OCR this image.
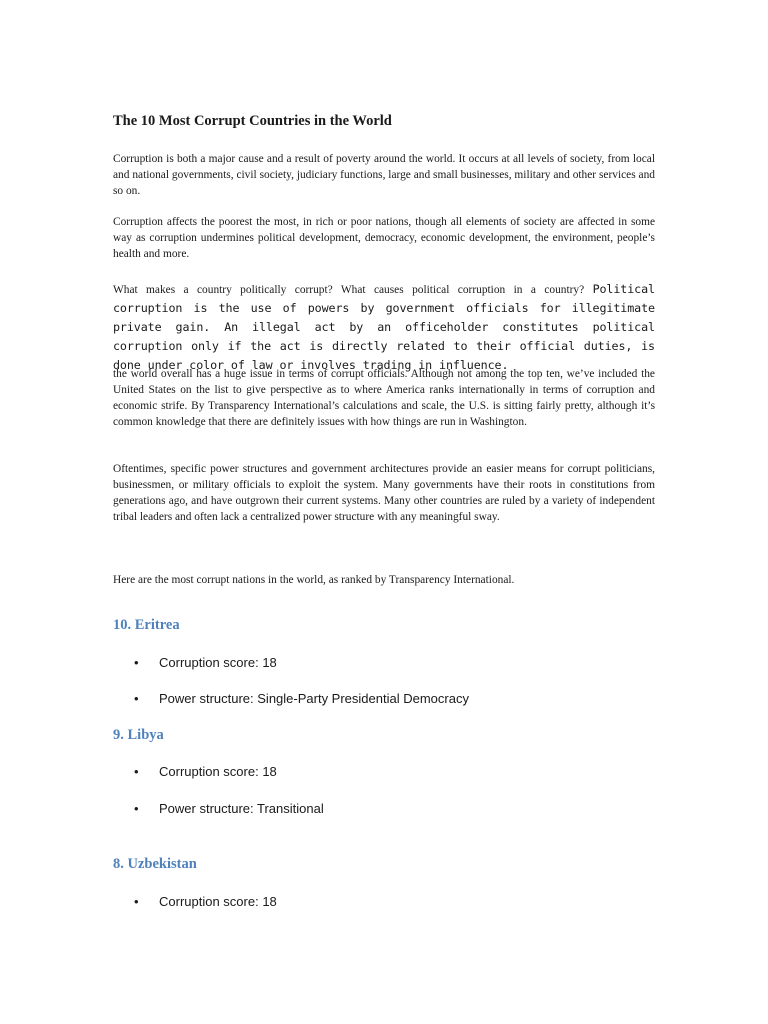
The 10 Most Corrupt Countries in the World

Corruption is both a major cause and a result of poverty around the world. It occurs at all levels of society, from local and national governments, civil society, judiciary functions, large and small businesses, military and other services and so on.

Corruption affects the poorest the most, in rich or poor nations, though all elements of society are affected in some way as corruption undermines political development, democracy, economic development, the environment, people’s health and more.

What makes a country politically corrupt? What causes political corruption in a country? Political corruption is the use of powers by government officials for illegitimate private gain. An illegal act by an officeholder constitutes political corruption only if the act is directly related to their official duties, is done under color of law or involves trading in influence.

the world overall has a huge issue in terms of corrupt officials. Although not among the top ten, we’ve included the United States on the list to give perspective as to where America ranks internationally in terms of corruption and economic strife. By Transparency International’s calculations and scale, the U.S. is sitting fairly pretty, although it’s common knowledge that there are definitely issues with how things are run in Washington.

Oftentimes, specific power structures and government architectures provide an easier means for corrupt politicians, businessmen, or military officials to exploit the system. Many governments have their roots in constitutions from generations ago, and have outgrown their current systems. Many other countries are ruled by a variety of independent tribal leaders and often lack a centralized power structure with any meaningful sway.

Here are the most corrupt nations in the world, as ranked by Transparency International.

10. Eritrea
• Corruption score: 18
• Power structure: Single-Party Presidential Democracy
9. Libya
• Corruption score: 18
• Power structure: Transitional
8. Uzbekistan
• Corruption score: 18
